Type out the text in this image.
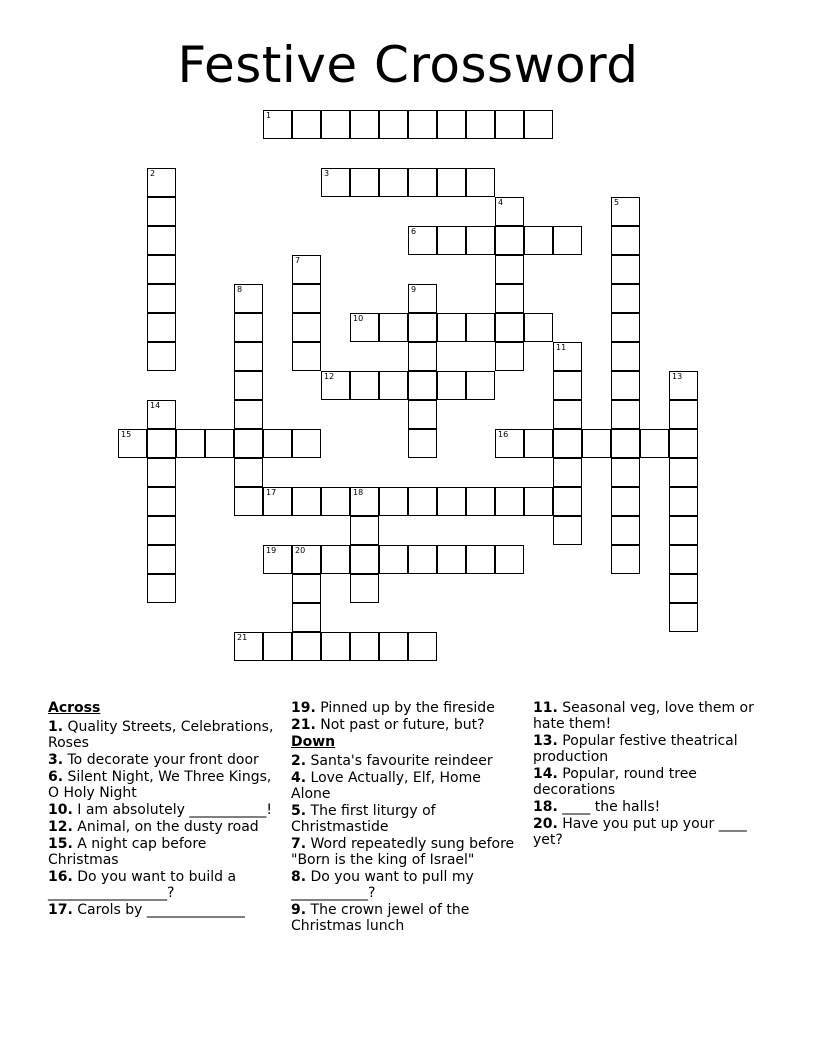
Festive Crossword
1
3
6
10
12
15	16
17	18
19 20
21
2
4	5
7
8	9
11
13
14
Across
1. Quality Streets, Celebrations, Roses
3. To decorate your front door
6. Silent Night, We Three Kings, O Holy Night
10. I am absolutely ___________!
12. Animal, on the dusty road
15. A night cap before Christmas
16. Do you want to build a _________________?
17. Carols by ______________
19. Pinned up by the fireside
21. Not past or future, but?
Down
2. Santa's favourite reindeer
4. Love Actually, Elf, Home Alone
5. The first liturgy of Christmastide
7. Word repeatedly sung before "Born is the king of Israel"
8. Do you want to pull my ___________?
9. The crown jewel of the Christmas lunch
11. Seasonal veg, love them or hate them!
13. Popular festive theatrical production
14. Popular, round tree decorations
18. ____ the halls!
20. Have you put up your ____ yet?
